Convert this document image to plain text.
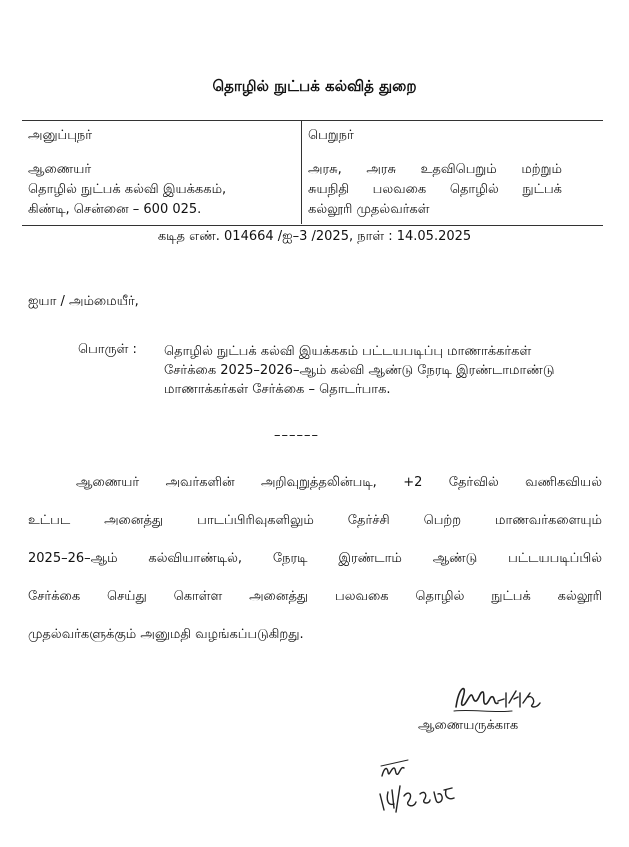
தொழில் நுட்பக் கல்வித் துறை
அனுப்புநர்
ஆணையர்
தொழில் நுட்பக் கல்வி இயக்ககம்,
கிண்டி, சென்னை – 600 025.
பெறுநர்
அரசு, அரசு உதவிபெறும் மற்றும்
சுயநிதி பலவகை தொழில் நுட்பக்
கல்லூரி முதல்வர்கள்
கடித எண். 014664 /ஐ–3 /2025, நாள் : 14.05.2025
ஐயா / அம்மையீர்,
பொருள் : தொழில் நுட்பக் கல்வி இயக்ககம் பட்டயபடிப்பு மாணாக்கர்கள் சேர்க்கை 2025–2026–ஆம் கல்வி ஆண்டு நேரடி இரண்டாமாண்டு மாணாக்கர்கள் சேர்க்கை – தொடர்பாக.
––––––
ஆணையர் அவர்களின் அறிவுறுத்தலின்படி, +2 தேர்வில் வணிகவியல்
உட்பட அனைத்து பாடப்பிரிவுகளிலும் தேர்ச்சி பெற்ற மாணவர்களையும்
2025–26–ஆம் கல்வியாண்டில், நேரடி இரண்டாம் ஆண்டு பட்டயபடிப்பில்
சேர்க்கை செய்து கொள்ள அனைத்து பலவகை தொழில் நுட்பக் கல்லூரி
முதல்வர்களுக்கும் அனுமதி வழங்கப்படுகிறது.
ஆணையருக்காக
